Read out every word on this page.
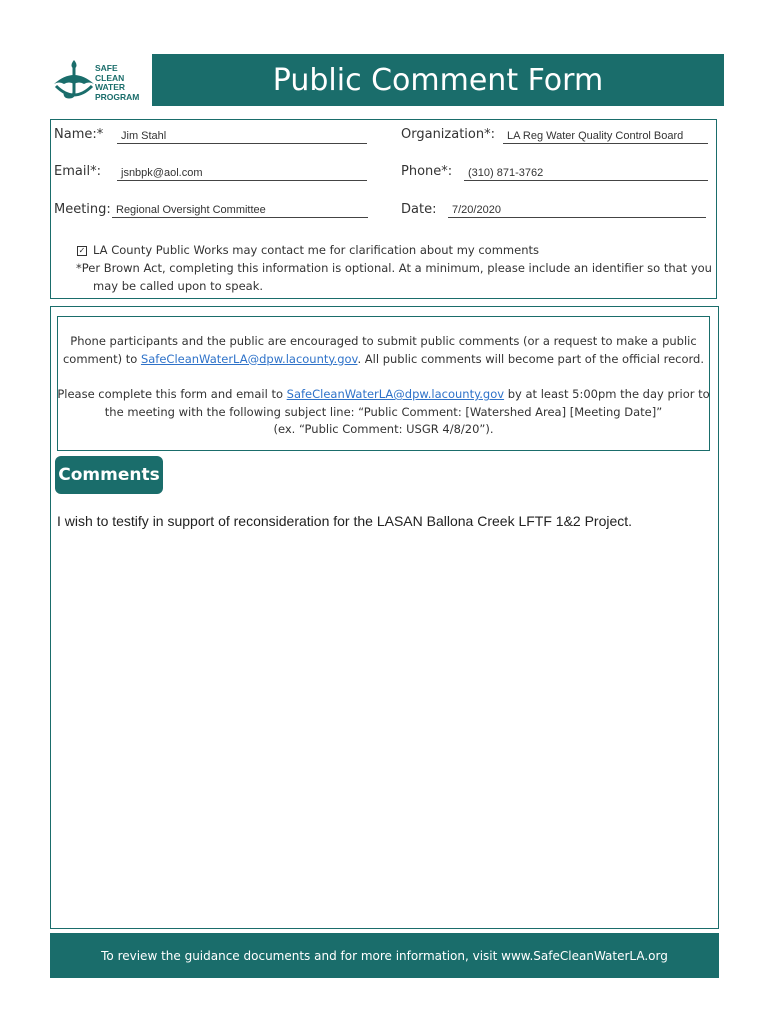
SAFE
CLEAN
WATER
PROGRAM	Public Comment Form
Name:*	Jim Stahl	Organization*:	LA Reg Water Quality Control Board
Email*:	jsnbpk@aol.com	Phone*:	(310) 871-3762
Meeting: Regional Oversight Committee	Date:	7/20/2020
✓ LA County Public Works may contact me for clarification about my comments
*Per Brown Act, completing this information is optional. At a minimum, please include an identifier so that you
may be called upon to speak.
Phone participants and the public are encouraged to submit public comments (or a request to make a public
comment) to SafeCleanWaterLA@dpw.lacounty.gov. All public comments will become part of the official record.
Please complete this form and email to SafeCleanWaterLA@dpw.lacounty.gov by at least 5:00pm the day prior to
the meeting with the following subject line: “Public Comment: [Watershed Area] [Meeting Date]”
(ex. “Public Comment: USGR 4/8/20”).
Comments
I wish to testify in support of reconsideration for the LASAN Ballona Creek LFTF 1&2 Project.
To review the guidance documents and for more information, visit www.SafeCleanWaterLA.org
